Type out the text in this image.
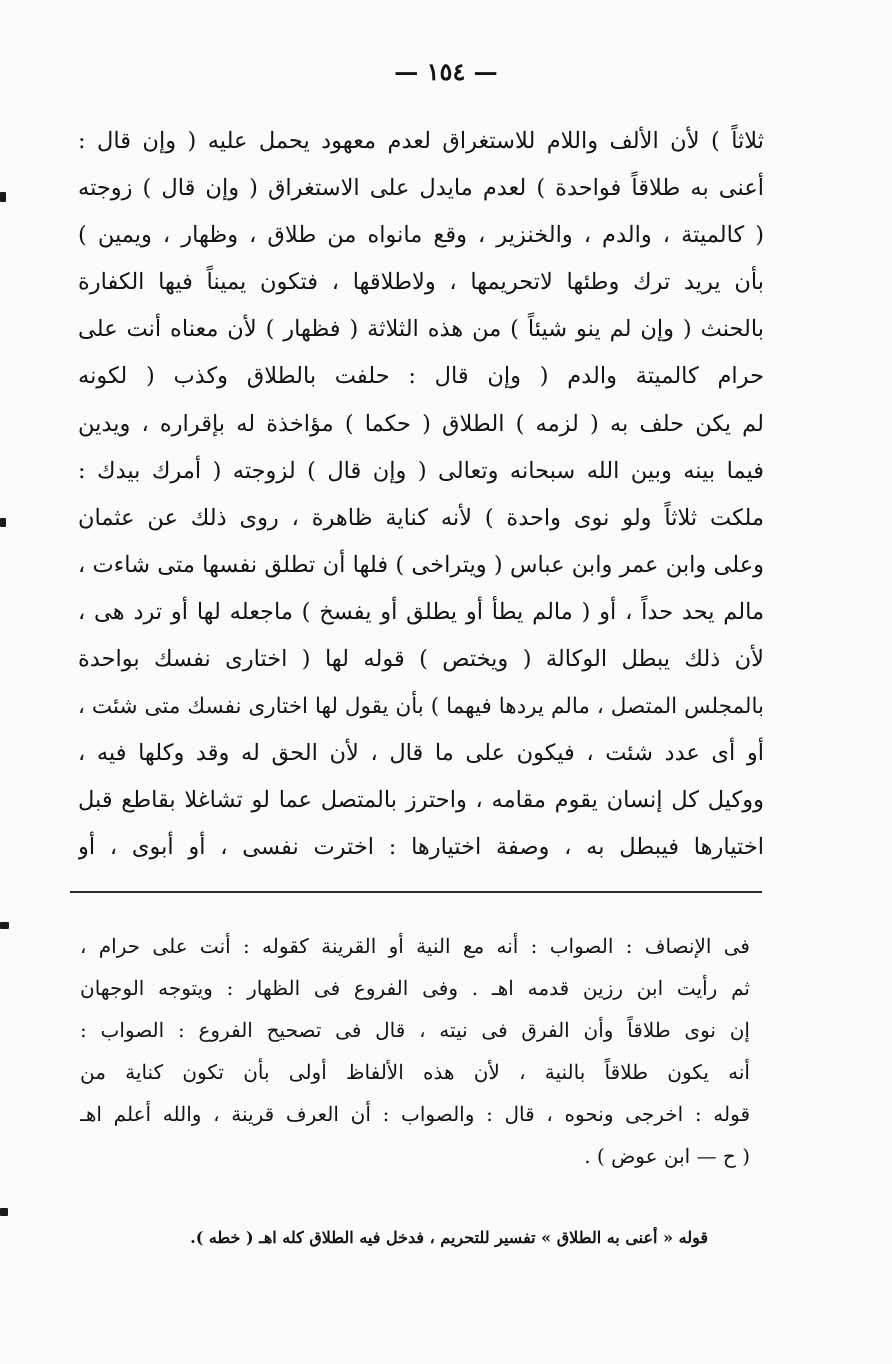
— ١٥٤ —
ثلاثاً ) لأن الألف واللام للاستغراق لعدم معهود يحمل عليه ( وإن قال :
أعنى به طلاقاً فواحدة ) لعدم مايدل على الاستغراق ( وإن قال ) زوجته
( كالميتة ، والدم ، والخنزير ، وقع مانواه من طلاق ، وظهار ، ويمين )
بأن يريد ترك وطئها لاتحريمها ، ولاطلاقها ، فتكون يميناً فيها الكفارة
بالحنث ( وإن لم ينو شيئاً ) من هذه الثلاثة ( فظهار ) لأن معناه أنت على
حرام كالميتة والدم ( وإن قال : حلفت بالطلاق وكذب ( لكونه
لم يكن حلف به ( لزمه ) الطلاق ( حكما ) مؤاخذة له بإقراره ، ويدين
فيما بينه وبين الله سبحانه وتعالى ( وإن قال ) لزوجته ( أمرك بيدك :
ملكت ثلاثاً ولو نوى واحدة ) لأنه كناية ظاهرة ، روى ذلك عن عثمان
وعلى وابن عمر وابن عباس ( ويتراخى ) فلها أن تطلق نفسها متى شاءت ،
مالم يحد حداً ، أو ( مالم يطأ أو يطلق أو يفسخ ) ماجعله لها أو ترد هى ،
لأن ذلك يبطل الوكالة ( ويختص ) قوله لها ( اختارى نفسك بواحدة
بالمجلس المتصل ، مالم يردها فيهما ) بأن يقول لها اختارى نفسك متى شئت ،
أو أى عدد شئت ، فيكون على ما قال ، لأن الحق له وقد وكلها فيه ،
ووكيل كل إنسان يقوم مقامه ، واحترز بالمتصل عما لو تشاغلا بقاطع قبل
اختيارها فيبطل به ، وصفة اختيارها : اخترت نفسى ، أو أبوى ، أو
فى الإنصاف : الصواب : أنه مع النية أو القرينة كقوله : أنت على حرام ،
ثم رأيت ابن رزين قدمه اهـ . وفى الفروع فى الظهار : ويتوجه الوجهان
إن نوى طلاقاً وأن الفرق فى نيته ، قال فى تصحيح الفروع : الصواب :
أنه يكون طلاقاً بالنية ، لأن هذه الألفاظ أولى بأن تكون كناية من
قوله : اخرجى ونحوه ، قال : والصواب : أن العرف قرينة ، والله أعلم اهـ
( ح — ابن عوض ) .
قوله « أعنى به الطلاق » تفسير للتحريم ، فدخل فيه الطلاق كله اهـ ( خطه ).
